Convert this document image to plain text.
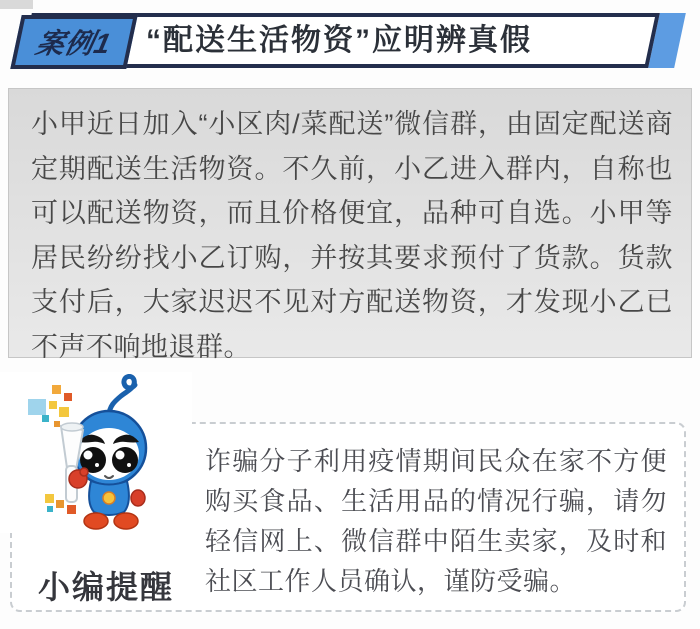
案例1 “配送生活物资”应明辨真假

小甲近日加入“小区肉/菜配送”微信群，由固定配送商定期配送生活物资。不久前，小乙进入群内，自称也可以配送物资，而且价格便宜，品种可自选。小甲等居民纷纷找小乙订购，并按其要求预付了货款。货款支付后，大家迟迟不见对方配送物资，才发现小乙已不声不响地退群。

小编提醒

诈骗分子利用疫情期间民众在家不方便购买食品、生活用品的情况行骗，请勿轻信网上、微信群中陌生卖家，及时和社区工作人员确认，谨防受骗。
